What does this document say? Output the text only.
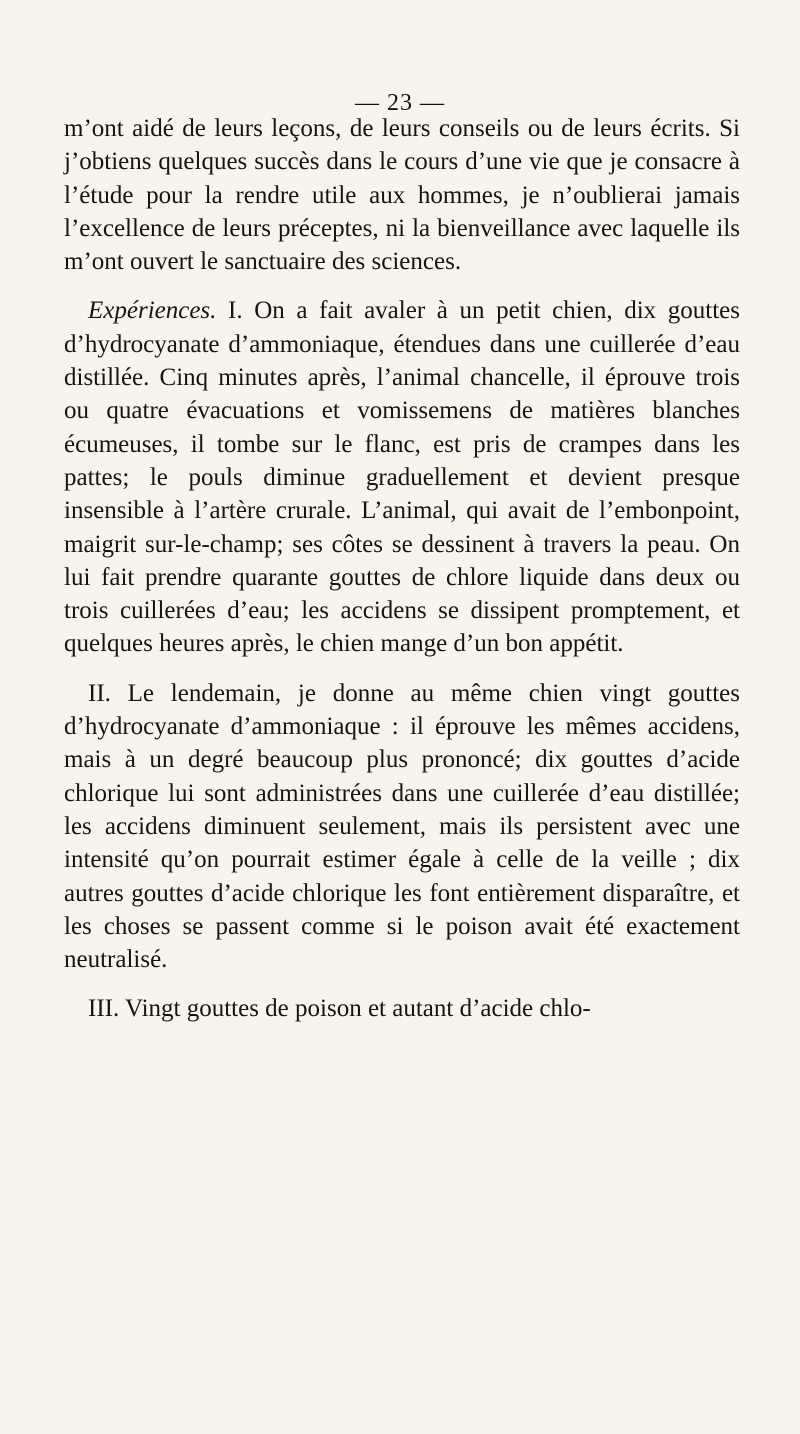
— 23 —

m’ont aidé de leurs leçons, de leurs conseils ou de leurs écrits. Si j’obtiens quelques succès dans le cours d’une vie que je consacre à l’étude pour la rendre utile aux hommes, je n’oublierai jamais l’excellence de leurs préceptes, ni la bienveillance avec laquelle ils m’ont ouvert le sanctuaire des sciences.

Expériences. I. On a fait avaler à un petit chien, dix gouttes d’hydrocyanate d’ammoniaque, étendues dans une cuillerée d’eau distillée. Cinq minutes après, l’animal chancelle, il éprouve trois ou quatre évacuations et vomissemens de matières blanches écumeuses, il tombe sur le flanc, est pris de crampes dans les pattes; le pouls diminue graduellement et devient presque insensible à l’artère crurale. L’animal, qui avait de l’embonpoint, maigrit sur-le-champ; ses côtes se dessinent à travers la peau. On lui fait prendre quarante gouttes de chlore liquide dans deux ou trois cuillerées d’eau; les accidens se dissipent promptement, et quelques heures après, le chien mange d’un bon appétit.

II. Le lendemain, je donne au même chien vingt gouttes d’hydrocyanate d’ammoniaque : il éprouve les mêmes accidens, mais à un degré beaucoup plus prononcé; dix gouttes d’acide chlorique lui sont administrées dans une cuillerée d’eau distillée; les accidens diminuent seulement, mais ils persistent avec une intensité qu’on pourrait estimer égale à celle de la veille ; dix autres gouttes d’acide chlorique les font entièrement disparaître, et les choses se passent comme si le poison avait été exactement neutralisé.

III. Vingt gouttes de poison et autant d’acide chlo-
